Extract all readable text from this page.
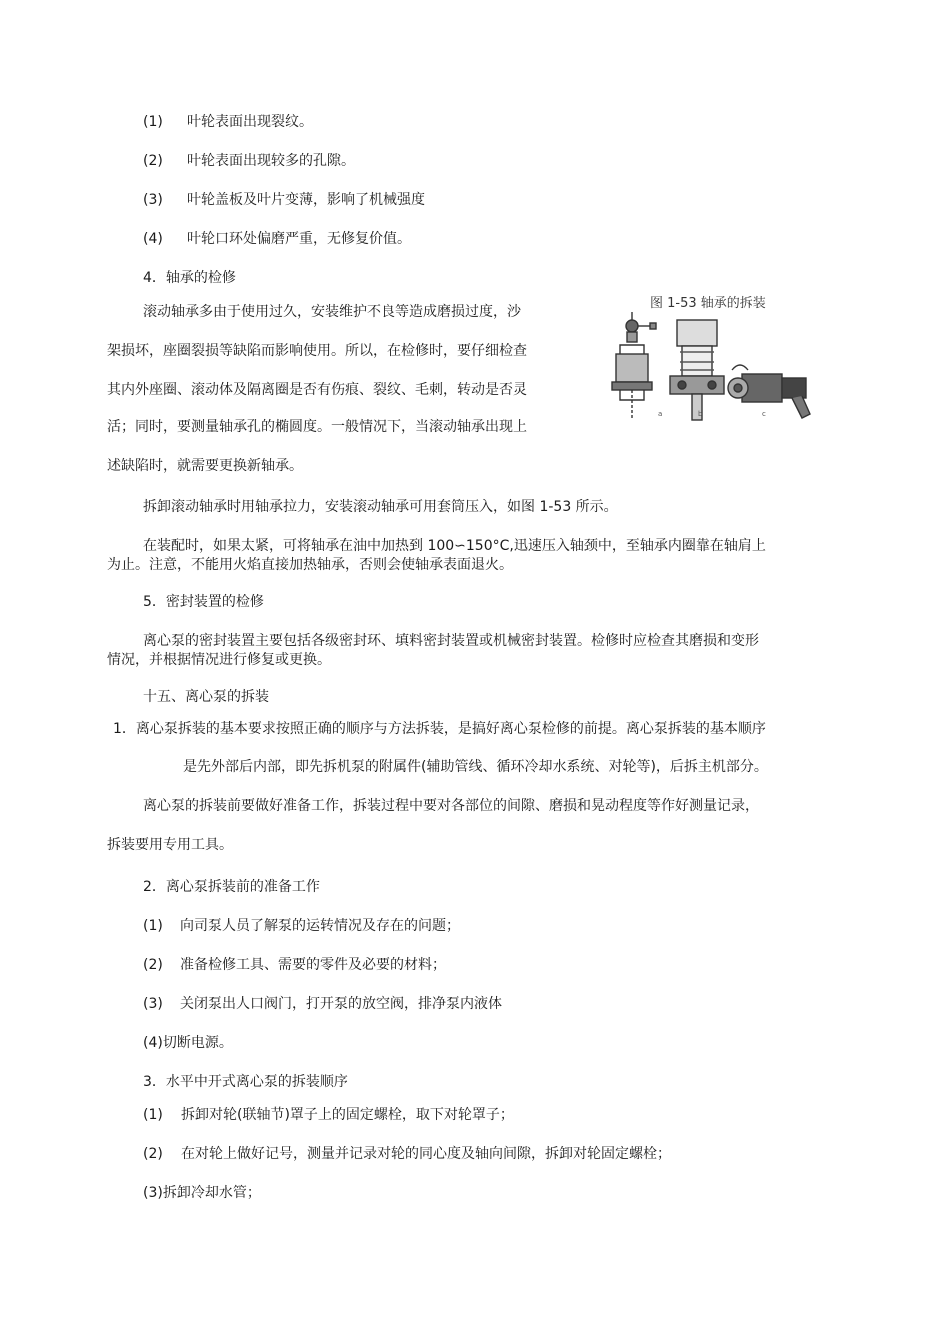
(1) 叶轮表面出现裂纹。
(2) 叶轮表面出现较多的孔隙。
(3) 叶轮盖板及叶片变薄，影响了机械强度
(4) 叶轮口环处偏磨严重，无修复价值。
4．轴承的检修
滚动轴承多由于使用过久，安装维护不良等造成磨损过度，沙
架损坏，座圈裂损等缺陷而影响使用。所以，在检修时，要仔细检查
其内外座圈、滚动体及隔离圈是否有伤痕、裂纹、毛刺，转动是否灵
活；同时，要测量轴承孔的椭圆度。一般情况下，当滚动轴承出现上
述缺陷时，就需要更换新轴承。
图 1-53 轴承的拆装
a	b	c
拆卸滚动轴承时用轴承拉力，安装滚动轴承可用套筒压入，如图 1-53 所示。
在装配时，如果太紧，可将轴承在油中加热到 100∽150°C,迅速压入轴颈中，至轴承内圈靠在轴肩上
为止。注意，不能用火焰直接加热轴承，否则会使轴承表面退火。
5．密封装置的检修
离心泵的密封装置主要包括各级密封环、填料密封装置或机械密封装置。检修时应检查其磨损和变形
情况，并根据情况进行修复或更换。
十五、离心泵的拆装
1．离心泵拆装的基本要求按照正确的顺序与方法拆装，是搞好离心泵检修的前提。离心泵拆装的基本顺序
是先外部后内部，即先拆机泵的附属件(辅助管线、循环冷却水系统、对轮等)，后拆主机部分。
离心泵的拆装前要做好准备工作，拆装过程中要对各部位的间隙、磨损和晃动程度等作好测量记录，
拆装要用专用工具。
2．离心泵拆装前的准备工作
(1) 向司泵人员了解泵的运转情况及存在的问题；
(2) 准备检修工具、需要的零件及必要的材料；
(3) 关闭泵出人口阀门，打开泵的放空阀，排净泵内液体
(4)切断电源。
3．水平中开式离心泵的拆装顺序
(1) 拆卸对轮(联轴节)罩子上的固定螺栓，取下对轮罩子；
(2) 在对轮上做好记号，测量并记录对轮的同心度及轴向间隙，拆卸对轮固定螺栓；
(3)拆卸冷却水管；
